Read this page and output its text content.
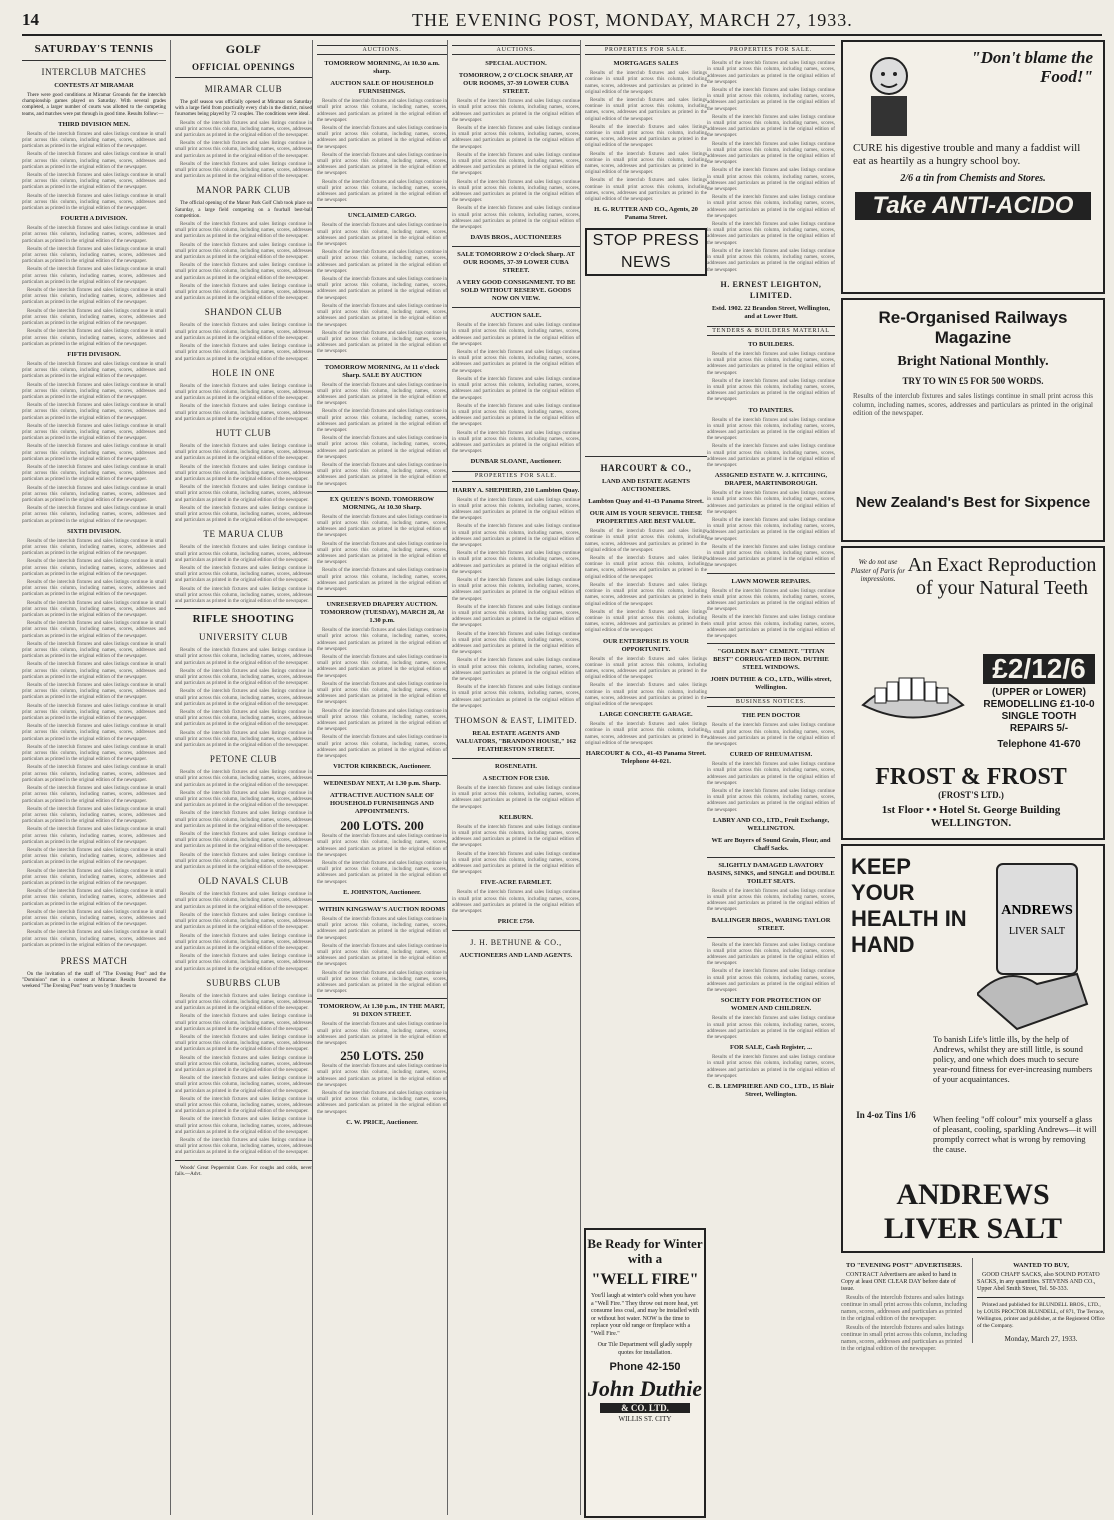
14	THE EVENING POST, MONDAY, MARCH 27, 1933.
SATURDAY'S TENNIS
INTERCLUB MATCHES
CONTESTS AT MIRAMAR
There were good conditions at Miramar Grounds for the interclub championship games played on Saturday. With several grades completed, a larger number of courts was allotted to the competing teams, and matches were put through in good time. Results follow:—
THIRD DIVISION MEN.
Results of the interclub fixtures and sales listings continue in small print across this column, including names, scores, addresses and particulars as printed in the original edition of the newspaper.
Results of the interclub fixtures and sales listings continue in small print across this column, including names, scores, addresses and particulars as printed in the original edition of the newspaper.
Results of the interclub fixtures and sales listings continue in small print across this column, including names, scores, addresses and particulars as printed in the original edition of the newspaper.
Results of the interclub fixtures and sales listings continue in small print across this column, including names, scores, addresses and particulars as printed in the original edition of the newspaper.
FOURTH A DIVISION.
Results of the interclub fixtures and sales listings continue in small print across this column, including names, scores, addresses and particulars as printed in the original edition of the newspaper.
Results of the interclub fixtures and sales listings continue in small print across this column, including names, scores, addresses and particulars as printed in the original edition of the newspaper.
Results of the interclub fixtures and sales listings continue in small print across this column, including names, scores, addresses and particulars as printed in the original edition of the newspaper.
Results of the interclub fixtures and sales listings continue in small print across this column, including names, scores, addresses and particulars as printed in the original edition of the newspaper.
Results of the interclub fixtures and sales listings continue in small print across this column, including names, scores, addresses and particulars as printed in the original edition of the newspaper.
Results of the interclub fixtures and sales listings continue in small print across this column, including names, scores, addresses and particulars as printed in the original edition of the newspaper.
FIFTH DIVISION.
Results of the interclub fixtures and sales listings continue in small print across this column, including names, scores, addresses and particulars as printed in the original edition of the newspaper.
Results of the interclub fixtures and sales listings continue in small print across this column, including names, scores, addresses and particulars as printed in the original edition of the newspaper.
Results of the interclub fixtures and sales listings continue in small print across this column, including names, scores, addresses and particulars as printed in the original edition of the newspaper.
Results of the interclub fixtures and sales listings continue in small print across this column, including names, scores, addresses and particulars as printed in the original edition of the newspaper.
Results of the interclub fixtures and sales listings continue in small print across this column, including names, scores, addresses and particulars as printed in the original edition of the newspaper.
Results of the interclub fixtures and sales listings continue in small print across this column, including names, scores, addresses and particulars as printed in the original edition of the newspaper.
Results of the interclub fixtures and sales listings continue in small print across this column, including names, scores, addresses and particulars as printed in the original edition of the newspaper.
Results of the interclub fixtures and sales listings continue in small print across this column, including names, scores, addresses and particulars as printed in the original edition of the newspaper.
SIXTH DIVISION.
Results of the interclub fixtures and sales listings continue in small print across this column, including names, scores, addresses and particulars as printed in the original edition of the newspaper.
Results of the interclub fixtures and sales listings continue in small print across this column, including names, scores, addresses and particulars as printed in the original edition of the newspaper.
Results of the interclub fixtures and sales listings continue in small print across this column, including names, scores, addresses and particulars as printed in the original edition of the newspaper.
Results of the interclub fixtures and sales listings continue in small print across this column, including names, scores, addresses and particulars as printed in the original edition of the newspaper.
Results of the interclub fixtures and sales listings continue in small print across this column, including names, scores, addresses and particulars as printed in the original edition of the newspaper.
Results of the interclub fixtures and sales listings continue in small print across this column, including names, scores, addresses and particulars as printed in the original edition of the newspaper.
Results of the interclub fixtures and sales listings continue in small print across this column, including names, scores, addresses and particulars as printed in the original edition of the newspaper.
Results of the interclub fixtures and sales listings continue in small print across this column, including names, scores, addresses and particulars as printed in the original edition of the newspaper.
Results of the interclub fixtures and sales listings continue in small print across this column, including names, scores, addresses and particulars as printed in the original edition of the newspaper.
Results of the interclub fixtures and sales listings continue in small print across this column, including names, scores, addresses and particulars as printed in the original edition of the newspaper.
Results of the interclub fixtures and sales listings continue in small print across this column, including names, scores, addresses and particulars as printed in the original edition of the newspaper.
Results of the interclub fixtures and sales listings continue in small print across this column, including names, scores, addresses and particulars as printed in the original edition of the newspaper.
Results of the interclub fixtures and sales listings continue in small print across this column, including names, scores, addresses and particulars as printed in the original edition of the newspaper.
Results of the interclub fixtures and sales listings continue in small print across this column, including names, scores, addresses and particulars as printed in the original edition of the newspaper.
Results of the interclub fixtures and sales listings continue in small print across this column, including names, scores, addresses and particulars as printed in the original edition of the newspaper.
Results of the interclub fixtures and sales listings continue in small print across this column, including names, scores, addresses and particulars as printed in the original edition of the newspaper.
Results of the interclub fixtures and sales listings continue in small print across this column, including names, scores, addresses and particulars as printed in the original edition of the newspaper.
Results of the interclub fixtures and sales listings continue in small print across this column, including names, scores, addresses and particulars as printed in the original edition of the newspaper.
Results of the interclub fixtures and sales listings continue in small print across this column, including names, scores, addresses and particulars as printed in the original edition of the newspaper.
Results of the interclub fixtures and sales listings continue in small print across this column, including names, scores, addresses and particulars as printed in the original edition of the newspaper.
PRESS MATCH
On the invitation of the staff of "The Evening Post" and the "Dominion" met in a contest at Miramar. Results favoured the weekend "The Evening Post" team won by 9 matches to
GOLF
OFFICIAL OPENINGS
MIRAMAR CLUB
The golf season was officially opened at Miramar on Saturday with a large field from practically every club in the district, mixed foursomes being played by 72 couples. The conditions were ideal.
Results of the interclub fixtures and sales listings continue in small print across this column, including names, scores, addresses and particulars as printed in the original edition of the newspaper.
Results of the interclub fixtures and sales listings continue in small print across this column, including names, scores, addresses and particulars as printed in the original edition of the newspaper.
Results of the interclub fixtures and sales listings continue in small print across this column, including names, scores, addresses and particulars as printed in the original edition of the newspaper.
MANOR PARK CLUB
The official opening of the Manor Park Golf Club took place on Saturday, a large field competing on a fourball best-ball competition.
Results of the interclub fixtures and sales listings continue in small print across this column, including names, scores, addresses and particulars as printed in the original edition of the newspaper.
Results of the interclub fixtures and sales listings continue in small print across this column, including names, scores, addresses and particulars as printed in the original edition of the newspaper.
Results of the interclub fixtures and sales listings continue in small print across this column, including names, scores, addresses and particulars as printed in the original edition of the newspaper.
Results of the interclub fixtures and sales listings continue in small print across this column, including names, scores, addresses and particulars as printed in the original edition of the newspaper.
SHANDON CLUB
Results of the interclub fixtures and sales listings continue in small print across this column, including names, scores, addresses and particulars as printed in the original edition of the newspaper.
Results of the interclub fixtures and sales listings continue in small print across this column, including names, scores, addresses and particulars as printed in the original edition of the newspaper.
HOLE IN ONE
Results of the interclub fixtures and sales listings continue in small print across this column, including names, scores, addresses and particulars as printed in the original edition of the newspaper.
Results of the interclub fixtures and sales listings continue in small print across this column, including names, scores, addresses and particulars as printed in the original edition of the newspaper.
HUTT CLUB
Results of the interclub fixtures and sales listings continue in small print across this column, including names, scores, addresses and particulars as printed in the original edition of the newspaper.
Results of the interclub fixtures and sales listings continue in small print across this column, including names, scores, addresses and particulars as printed in the original edition of the newspaper.
Results of the interclub fixtures and sales listings continue in small print across this column, including names, scores, addresses and particulars as printed in the original edition of the newspaper.
Results of the interclub fixtures and sales listings continue in small print across this column, including names, scores, addresses and particulars as printed in the original edition of the newspaper.
TE MARUA CLUB
Results of the interclub fixtures and sales listings continue in small print across this column, including names, scores, addresses and particulars as printed in the original edition of the newspaper.
Results of the interclub fixtures and sales listings continue in small print across this column, including names, scores, addresses and particulars as printed in the original edition of the newspaper.
Results of the interclub fixtures and sales listings continue in small print across this column, including names, scores, addresses and particulars as printed in the original edition of the newspaper.
RIFLE SHOOTING
UNIVERSITY CLUB
Results of the interclub fixtures and sales listings continue in small print across this column, including names, scores, addresses and particulars as printed in the original edition of the newspaper.
Results of the interclub fixtures and sales listings continue in small print across this column, including names, scores, addresses and particulars as printed in the original edition of the newspaper.
Results of the interclub fixtures and sales listings continue in small print across this column, including names, scores, addresses and particulars as printed in the original edition of the newspaper.
Results of the interclub fixtures and sales listings continue in small print across this column, including names, scores, addresses and particulars as printed in the original edition of the newspaper.
Results of the interclub fixtures and sales listings continue in small print across this column, including names, scores, addresses and particulars as printed in the original edition of the newspaper.
PETONE CLUB
Results of the interclub fixtures and sales listings continue in small print across this column, including names, scores, addresses and particulars as printed in the original edition of the newspaper.
Results of the interclub fixtures and sales listings continue in small print across this column, including names, scores, addresses and particulars as printed in the original edition of the newspaper.
Results of the interclub fixtures and sales listings continue in small print across this column, including names, scores, addresses and particulars as printed in the original edition of the newspaper.
Results of the interclub fixtures and sales listings continue in small print across this column, including names, scores, addresses and particulars as printed in the original edition of the newspaper.
Results of the interclub fixtures and sales listings continue in small print across this column, including names, scores, addresses and particulars as printed in the original edition of the newspaper.
OLD NAVALS CLUB
Results of the interclub fixtures and sales listings continue in small print across this column, including names, scores, addresses and particulars as printed in the original edition of the newspaper.
Results of the interclub fixtures and sales listings continue in small print across this column, including names, scores, addresses and particulars as printed in the original edition of the newspaper.
Results of the interclub fixtures and sales listings continue in small print across this column, including names, scores, addresses and particulars as printed in the original edition of the newspaper.
Results of the interclub fixtures and sales listings continue in small print across this column, including names, scores, addresses and particulars as printed in the original edition of the newspaper.
SUBURBS CLUB
Results of the interclub fixtures and sales listings continue in small print across this column, including names, scores, addresses and particulars as printed in the original edition of the newspaper.
Results of the interclub fixtures and sales listings continue in small print across this column, including names, scores, addresses and particulars as printed in the original edition of the newspaper.
Results of the interclub fixtures and sales listings continue in small print across this column, including names, scores, addresses and particulars as printed in the original edition of the newspaper.
Results of the interclub fixtures and sales listings continue in small print across this column, including names, scores, addresses and particulars as printed in the original edition of the newspaper.
Results of the interclub fixtures and sales listings continue in small print across this column, including names, scores, addresses and particulars as printed in the original edition of the newspaper.
Results of the interclub fixtures and sales listings continue in small print across this column, including names, scores, addresses and particulars as printed in the original edition of the newspaper.
Results of the interclub fixtures and sales listings continue in small print across this column, including names, scores, addresses and particulars as printed in the original edition of the newspaper.
Results of the interclub fixtures and sales listings continue in small print across this column, including names, scores, addresses and particulars as printed in the original edition of the newspaper.
Woods' Great Peppermint Cure. For coughs and colds, never fails.—Advt.
AUCTIONS.
TOMORROW MORNING, At 10.30 a.m. sharp.
AUCTION SALE OF HOUSEHOLD FURNISHINGS.
Results of the interclub fixtures and sales listings continue in small print across this column, including names, scores, addresses and particulars as printed in the original edition of the newspaper.
Results of the interclub fixtures and sales listings continue in small print across this column, including names, scores, addresses and particulars as printed in the original edition of the newspaper.
Results of the interclub fixtures and sales listings continue in small print across this column, including names, scores, addresses and particulars as printed in the original edition of the newspaper.
Results of the interclub fixtures and sales listings continue in small print across this column, including names, scores, addresses and particulars as printed in the original edition of the newspaper.
UNCLAIMED CARGO.
Results of the interclub fixtures and sales listings continue in small print across this column, including names, scores, addresses and particulars as printed in the original edition of the newspaper.
Results of the interclub fixtures and sales listings continue in small print across this column, including names, scores, addresses and particulars as printed in the original edition of the newspaper.
Results of the interclub fixtures and sales listings continue in small print across this column, including names, scores, addresses and particulars as printed in the original edition of the newspaper.
Results of the interclub fixtures and sales listings continue in small print across this column, including names, scores, addresses and particulars as printed in the original edition of the newspaper.
Results of the interclub fixtures and sales listings continue in small print across this column, including names, scores, addresses and particulars as printed in the original edition of the newspaper.
TOMORROW MORNING, At 11 o'clock Sharp. SALE BY AUCTION
Results of the interclub fixtures and sales listings continue in small print across this column, including names, scores, addresses and particulars as printed in the original edition of the newspaper.
Results of the interclub fixtures and sales listings continue in small print across this column, including names, scores, addresses and particulars as printed in the original edition of the newspaper.
Results of the interclub fixtures and sales listings continue in small print across this column, including names, scores, addresses and particulars as printed in the original edition of the newspaper.
Results of the interclub fixtures and sales listings continue in small print across this column, including names, scores, addresses and particulars as printed in the original edition of the newspaper.
EX QUEEN'S BOND. TOMORROW MORNING, At 10.30 Sharp.
Results of the interclub fixtures and sales listings continue in small print across this column, including names, scores, addresses and particulars as printed in the original edition of the newspaper.
Results of the interclub fixtures and sales listings continue in small print across this column, including names, scores, addresses and particulars as printed in the original edition of the newspaper.
Results of the interclub fixtures and sales listings continue in small print across this column, including names, scores, addresses and particulars as printed in the original edition of the newspaper.
UNRESERVED DRAPERY AUCTION. TOMORROW (TUESDAY), MARCH 28, At 1.30 p.m.
Results of the interclub fixtures and sales listings continue in small print across this column, including names, scores, addresses and particulars as printed in the original edition of the newspaper.
Results of the interclub fixtures and sales listings continue in small print across this column, including names, scores, addresses and particulars as printed in the original edition of the newspaper.
Results of the interclub fixtures and sales listings continue in small print across this column, including names, scores, addresses and particulars as printed in the original edition of the newspaper.
Results of the interclub fixtures and sales listings continue in small print across this column, including names, scores, addresses and particulars as printed in the original edition of the newspaper.
Results of the interclub fixtures and sales listings continue in small print across this column, including names, scores, addresses and particulars as printed in the original edition of the newspaper.
VICTOR KIRKBECK, Auctioneer.
WEDNESDAY NEXT, At 1.30 p.m. Sharp.
ATTRACTIVE AUCTION SALE OF HOUSEHOLD FURNISHINGS AND APPOINTMENTS.
200 LOTS. 200
Results of the interclub fixtures and sales listings continue in small print across this column, including names, scores, addresses and particulars as printed in the original edition of the newspaper.
Results of the interclub fixtures and sales listings continue in small print across this column, including names, scores, addresses and particulars as printed in the original edition of the newspaper.
E. JOHNSTON, Auctioneer.
WITHIN KINGSWAY'S AUCTION ROOMS
Results of the interclub fixtures and sales listings continue in small print across this column, including names, scores, addresses and particulars as printed in the original edition of the newspaper.
Results of the interclub fixtures and sales listings continue in small print across this column, including names, scores, addresses and particulars as printed in the original edition of the newspaper.
Results of the interclub fixtures and sales listings continue in small print across this column, including names, scores, addresses and particulars as printed in the original edition of the newspaper.
TOMORROW, At 1.30 p.m., IN THE MART, 91 DIXON STREET.
Results of the interclub fixtures and sales listings continue in small print across this column, including names, scores, addresses and particulars as printed in the original edition of the newspaper.
250 LOTS. 250
Results of the interclub fixtures and sales listings continue in small print across this column, including names, scores, addresses and particulars as printed in the original edition of the newspaper.
Results of the interclub fixtures and sales listings continue in small print across this column, including names, scores, addresses and particulars as printed in the original edition of the newspaper.
C. W. PRICE, Auctioneer.
AUCTIONS.
SPECIAL AUCTION.
TOMORROW, 2 O'CLOCK SHARP, AT OUR ROOMS, 37-39 LOWER CUBA STREET.
Results of the interclub fixtures and sales listings continue in small print across this column, including names, scores, addresses and particulars as printed in the original edition of the newspaper.
Results of the interclub fixtures and sales listings continue in small print across this column, including names, scores, addresses and particulars as printed in the original edition of the newspaper.
Results of the interclub fixtures and sales listings continue in small print across this column, including names, scores, addresses and particulars as printed in the original edition of the newspaper.
Results of the interclub fixtures and sales listings continue in small print across this column, including names, scores, addresses and particulars as printed in the original edition of the newspaper.
Results of the interclub fixtures and sales listings continue in small print across this column, including names, scores, addresses and particulars as printed in the original edition of the newspaper.
DAVIS BROS., AUCTIONEERS
SALE TOMORROW 2 O'clock Sharp. AT OUR ROOMS, 37-39 LOWER CUBA STREET.
A VERY GOOD CONSIGNMENT. TO BE SOLD WITHOUT RESERVE. GOODS NOW ON VIEW.
AUCTION SALE.
Results of the interclub fixtures and sales listings continue in small print across this column, including names, scores, addresses and particulars as printed in the original edition of the newspaper.
Results of the interclub fixtures and sales listings continue in small print across this column, including names, scores, addresses and particulars as printed in the original edition of the newspaper.
Results of the interclub fixtures and sales listings continue in small print across this column, including names, scores, addresses and particulars as printed in the original edition of the newspaper.
Results of the interclub fixtures and sales listings continue in small print across this column, including names, scores, addresses and particulars as printed in the original edition of the newspaper.
Results of the interclub fixtures and sales listings continue in small print across this column, including names, scores, addresses and particulars as printed in the original edition of the newspaper.
DUNBAR SLOANE, Auctioneer.
PROPERTIES FOR SALE.
HARRY A. SHEPHERD, 210 Lambton Quay.
Results of the interclub fixtures and sales listings continue in small print across this column, including names, scores, addresses and particulars as printed in the original edition of the newspaper.
Results of the interclub fixtures and sales listings continue in small print across this column, including names, scores, addresses and particulars as printed in the original edition of the newspaper.
Results of the interclub fixtures and sales listings continue in small print across this column, including names, scores, addresses and particulars as printed in the original edition of the newspaper.
Results of the interclub fixtures and sales listings continue in small print across this column, including names, scores, addresses and particulars as printed in the original edition of the newspaper.
Results of the interclub fixtures and sales listings continue in small print across this column, including names, scores, addresses and particulars as printed in the original edition of the newspaper.
Results of the interclub fixtures and sales listings continue in small print across this column, including names, scores, addresses and particulars as printed in the original edition of the newspaper.
Results of the interclub fixtures and sales listings continue in small print across this column, including names, scores, addresses and particulars as printed in the original edition of the newspaper.
Results of the interclub fixtures and sales listings continue in small print across this column, including names, scores, addresses and particulars as printed in the original edition of the newspaper.
THOMSON & EAST, LIMITED.
REAL ESTATE AGENTS AND VALUATORS, "BRANDON HOUSE," 162 FEATHERSTON STREET.
ROSENEATH.
A SECTION FOR £310.
Results of the interclub fixtures and sales listings continue in small print across this column, including names, scores, addresses and particulars as printed in the original edition of the newspaper.
KELBURN.
Results of the interclub fixtures and sales listings continue in small print across this column, including names, scores, addresses and particulars as printed in the original edition of the newspaper.
Results of the interclub fixtures and sales listings continue in small print across this column, including names, scores, addresses and particulars as printed in the original edition of the newspaper.
FIVE-ACRE FARMLET.
Results of the interclub fixtures and sales listings continue in small print across this column, including names, scores, addresses and particulars as printed in the original edition of the newspaper.
PRICE £750.
J. H. BETHUNE & CO.,
AUCTIONEERS AND LAND AGENTS.
PROPERTIES FOR SALE.
MORTGAGES SALES
Results of the interclub fixtures and sales listings continue in small print across this column, including names, scores, addresses and particulars as printed in the original edition of the newspaper.
Results of the interclub fixtures and sales listings continue in small print across this column, including names, scores, addresses and particulars as printed in the original edition of the newspaper.
Results of the interclub fixtures and sales listings continue in small print across this column, including names, scores, addresses and particulars as printed in the original edition of the newspaper.
Results of the interclub fixtures and sales listings continue in small print across this column, including names, scores, addresses and particulars as printed in the original edition of the newspaper.
Results of the interclub fixtures and sales listings continue in small print across this column, including names, scores, addresses and particulars as printed in the original edition of the newspaper.
H. G. RUTTER AND CO., Agents, 20 Panama Street.
STOP PRESS NEWS
HARCOURT & CO.,
LAND AND ESTATE AGENTS AUCTIONEERS.
Lambton Quay and 41-43 Panama Street.
OUR AIM IS YOUR SERVICE. THESE PROPERTIES ARE BEST VALUE.
Results of the interclub fixtures and sales listings continue in small print across this column, including names, scores, addresses and particulars as printed in the original edition of the newspaper.
Results of the interclub fixtures and sales listings continue in small print across this column, including names, scores, addresses and particulars as printed in the original edition of the newspaper.
Results of the interclub fixtures and sales listings continue in small print across this column, including names, scores, addresses and particulars as printed in the original edition of the newspaper.
Results of the interclub fixtures and sales listings continue in small print across this column, including names, scores, addresses and particulars as printed in the original edition of the newspaper.
OUR ENTERPRISE IS YOUR OPPORTUNITY.
Results of the interclub fixtures and sales listings continue in small print across this column, including names, scores, addresses and particulars as printed in the original edition of the newspaper.
Results of the interclub fixtures and sales listings continue in small print across this column, including names, scores, addresses and particulars as printed in the original edition of the newspaper.
LARGE CONCRETE GARAGE.
Results of the interclub fixtures and sales listings continue in small print across this column, including names, scores, addresses and particulars as printed in the original edition of the newspaper.
HARCOURT & CO., 41-43 Panama Street. Telephone 44-021.
Be Ready for Winter with a
"WELL FIRE"
You'll laugh at winter's cold when you have a "Well Fire." They throw out more heat, yet consume less coal, and may be installed with or without hot water. NOW is the time to replace your old range or fireplace with a "Well Fire."
Our Tile Department will gladly supply quotes for installation.
Phone 42-150
John Duthie
& CO. LTD.
WILLIS ST. CITY
PROPERTIES FOR SALE.
Results of the interclub fixtures and sales listings continue in small print across this column, including names, scores, addresses and particulars as printed in the original edition of the newspaper.
Results of the interclub fixtures and sales listings continue in small print across this column, including names, scores, addresses and particulars as printed in the original edition of the newspaper.
Results of the interclub fixtures and sales listings continue in small print across this column, including names, scores, addresses and particulars as printed in the original edition of the newspaper.
Results of the interclub fixtures and sales listings continue in small print across this column, including names, scores, addresses and particulars as printed in the original edition of the newspaper.
Results of the interclub fixtures and sales listings continue in small print across this column, including names, scores, addresses and particulars as printed in the original edition of the newspaper.
Results of the interclub fixtures and sales listings continue in small print across this column, including names, scores, addresses and particulars as printed in the original edition of the newspaper.
Results of the interclub fixtures and sales listings continue in small print across this column, including names, scores, addresses and particulars as printed in the original edition of the newspaper.
Results of the interclub fixtures and sales listings continue in small print across this column, including names, scores, addresses and particulars as printed in the original edition of the newspaper.
H. ERNEST LEIGHTON, LIMITED.
Estd. 1902. 22 Brandon Street, Wellington, and at Lower Hutt.
TENDERS & BUILDERS MATERIAL
TO BUILDERS.
Results of the interclub fixtures and sales listings continue in small print across this column, including names, scores, addresses and particulars as printed in the original edition of the newspaper.
Results of the interclub fixtures and sales listings continue in small print across this column, including names, scores, addresses and particulars as printed in the original edition of the newspaper.
TO PAINTERS.
Results of the interclub fixtures and sales listings continue in small print across this column, including names, scores, addresses and particulars as printed in the original edition of the newspaper.
Results of the interclub fixtures and sales listings continue in small print across this column, including names, scores, addresses and particulars as printed in the original edition of the newspaper.
ASSIGNED ESTATE W. J. KITCHING, DRAPER, MARTINBOROUGH.
Results of the interclub fixtures and sales listings continue in small print across this column, including names, scores, addresses and particulars as printed in the original edition of the newspaper.
Results of the interclub fixtures and sales listings continue in small print across this column, including names, scores, addresses and particulars as printed in the original edition of the newspaper.
Results of the interclub fixtures and sales listings continue in small print across this column, including names, scores, addresses and particulars as printed in the original edition of the newspaper.
LAWN MOWER REPAIRS.
Results of the interclub fixtures and sales listings continue in small print across this column, including names, scores, addresses and particulars as printed in the original edition of the newspaper.
Results of the interclub fixtures and sales listings continue in small print across this column, including names, scores, addresses and particulars as printed in the original edition of the newspaper.
"GOLDEN BAY" CEMENT. "TITAN BEST" CORRUGATED IRON. DUTHIE STEEL WINDOWS.
JOHN DUTHIE & CO., LTD., Willis street, Wellington.
BUSINESS NOTICES.
THE PEN DOCTOR
Results of the interclub fixtures and sales listings continue in small print across this column, including names, scores, addresses and particulars as printed in the original edition of the newspaper.
CURED OF RHEUMATISM.
Results of the interclub fixtures and sales listings continue in small print across this column, including names, scores, addresses and particulars as printed in the original edition of the newspaper.
Results of the interclub fixtures and sales listings continue in small print across this column, including names, scores, addresses and particulars as printed in the original edition of the newspaper.
LABRY AND CO., LTD., Fruit Exchange, WELLINGTON.
WE are Buyers of Sound Grain, Flour, and Chaff Sacks.
SLIGHTLY DAMAGED LAVATORY BASINS, SINKS, and SINGLE and DOUBLE TOILET SEATS.
Results of the interclub fixtures and sales listings continue in small print across this column, including names, scores, addresses and particulars as printed in the original edition of the newspaper.
BALLINGER BROS., WARING TAYLOR STREET.
Results of the interclub fixtures and sales listings continue in small print across this column, including names, scores, addresses and particulars as printed in the original edition of the newspaper.
Results of the interclub fixtures and sales listings continue in small print across this column, including names, scores, addresses and particulars as printed in the original edition of the newspaper.
SOCIETY FOR PROTECTION OF WOMEN AND CHILDREN.
Results of the interclub fixtures and sales listings continue in small print across this column, including names, scores, addresses and particulars as printed in the original edition of the newspaper.
FOR SALE, Cash Register, ...
Results of the interclub fixtures and sales listings continue in small print across this column, including names, scores, addresses and particulars as printed in the original edition of the newspaper.
C. B. LEMPRIERE AND CO., LTD., 15 Blair Street, Wellington.
"Don't blame the Food!"
CURE his digestive trouble and many a faddist will eat as heartily as a hungry school boy.
2/6 a tin from Chemists and Stores.
Take ANTI-ACIDO
Re-Organised Railways Magazine
Bright National Monthly.
TRY TO WIN £5 FOR 500 WORDS.
Results of the interclub fixtures and sales listings continue in small print across this column, including names, scores, addresses and particulars as printed in the original edition of the newspaper.
New Zealand's Best for Sixpence
We do not use Plaster of Paris for impressions.
An Exact Reproduction of your Natural Teeth
£2/12/6
(UPPER or LOWER) REMODELLING £1-10-0 SINGLE TOOTH REPAIRS 5/-
Telephone 41-670
FROST & FROST
(FROST'S LTD.)
1st Floor • • Hotel St. George Building WELLINGTON.
KEEP YOUR HEALTH IN HAND
ANDREWS
LIVER SALT
To banish Life's little ills, by the help of Andrews, whilst they are still little, is sound policy, and one which does much to secure year-round fitness for ever-increasing numbers of your acquaintances.
When feeling "off colour" mix yourself a glass of pleasant, cooling, sparkling Andrews—it will promptly correct what is wrong by removing the cause.
In 4-oz Tins 1/6
ANDREWS LIVER SALT
TO "EVENING POST" ADVERTISERS.
CONTRACT Advertisers are asked to hand in Copy at least ONE CLEAR DAY before date of issue.
Results of the interclub fixtures and sales listings continue in small print across this column, including names, scores, addresses and particulars as printed in the original edition of the newspaper.
Results of the interclub fixtures and sales listings continue in small print across this column, including names, scores, addresses and particulars as printed in the original edition of the newspaper.
WANTED TO BUY,
GOOD CHAFF SACKS, also SOUND POTATO SACKS, in any quantities. STEVENS AND CO., Upper Abel Smith Street, Tel. 50-333.
Printed and published for BLUNDELL BROS., LTD., by LOUIS PROCTOR BLUNDELL, of 871, The Terrace, Wellington, printer and publisher, at the Registered Office of the Company.
Monday, March 27, 1933.
